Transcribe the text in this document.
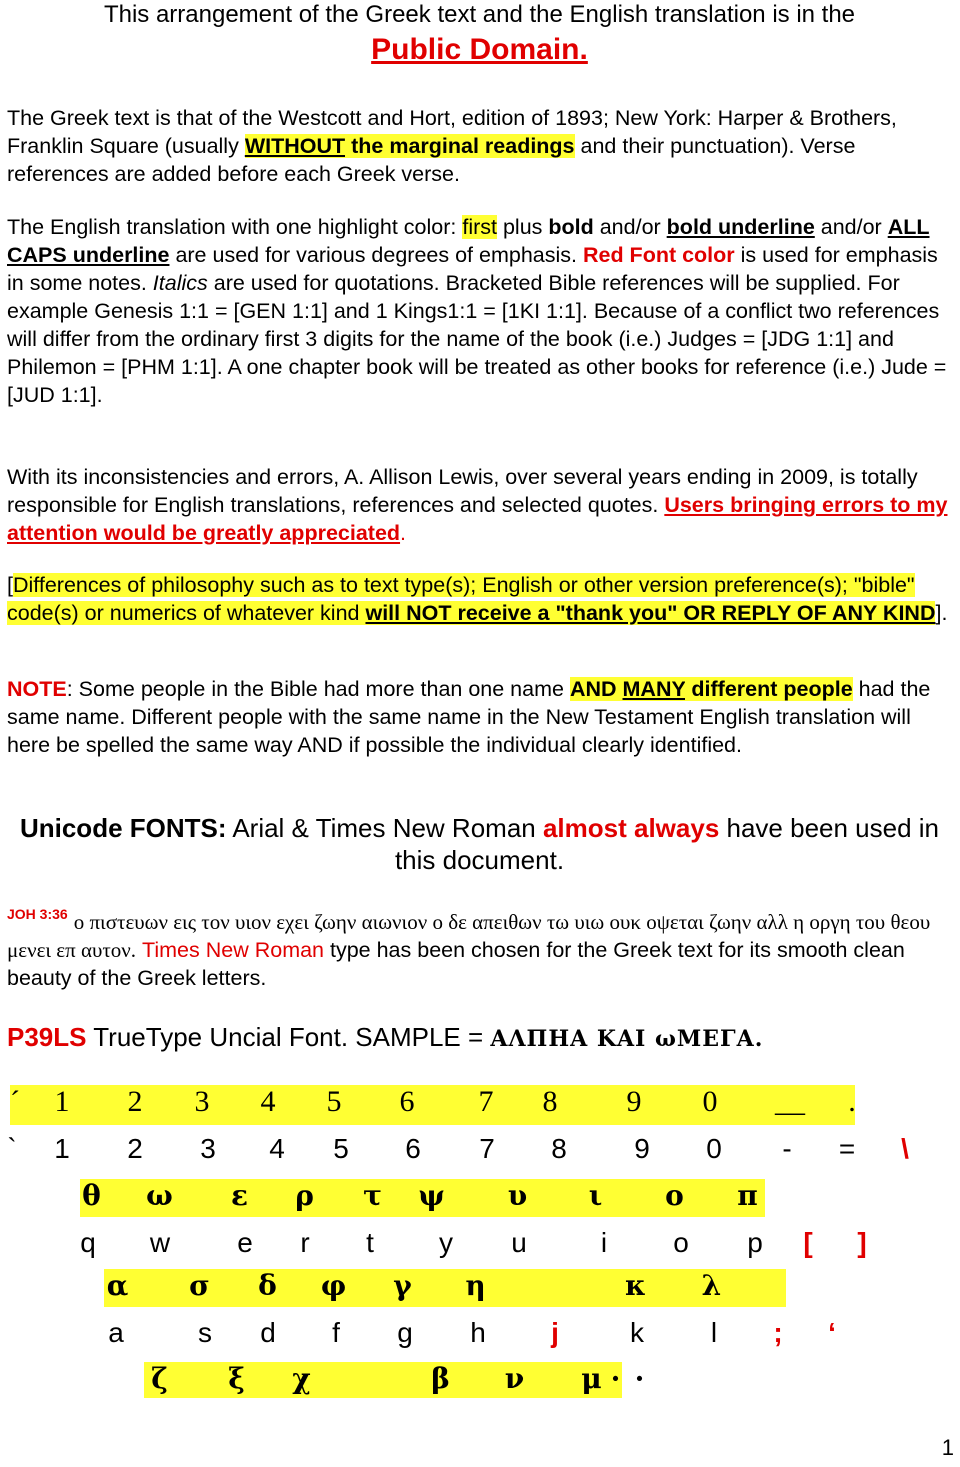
This arrangement of the Greek text and the English translation is in the
Public Domain.
The Greek text is that of the Westcott and Hort, edition of 1893; New York: Harper & Brothers, Franklin Square (usually WITHOUT the marginal readings and their punctuation). Verse references are added before each Greek verse.
The English translation with one highlight color: first plus bold and/or bold underline and/or ALL CAPS underline are used for various degrees of emphasis. Red Font color is used for emphasis in some notes. Italics are used for quotations. Bracketed Bible references will be supplied. For example Genesis 1:1 = [GEN 1:1] and 1 Kings1:1 = [1KI 1:1]. Because of a conflict two references will differ from the ordinary first 3 digits for the name of the book (i.e.) Judges = [JDG 1:1] and Philemon = [PHM 1:1]. A one chapter book will be treated as other books for reference (i.e.) Jude = [JUD 1:1].
With its inconsistencies and errors, A. Allison Lewis, over several years ending in 2009, is totally responsible for English translations, references and selected quotes. Users bringing errors to my attention would be greatly appreciated.
[Differences of philosophy such as to text type(s); English or other version preference(s); "bible" code(s) or numerics of whatever kind will NOT receive a "thank you" OR REPLY OF ANY KIND].
NOTE: Some people in the Bible had more than one name AND MANY different people had the same name. Different people with the same name in the New Testament English translation will here be spelled the same way AND if possible the individual clearly identified.
Unicode FONTS: Arial & Times New Roman almost always have been used in this document.
$^{JOH 3:36}$ ο πιστευων εις τον υιον εχει ζωην αιωνιον ο δε απειθων τω υιω ουκ οψεται ζωην αλλ η οργη του θεου μενει επ αυτον. Times New Roman type has been chosen for the Greek text for its smooth clean beauty of the Greek letters.
P39LS TrueType Uncial Font. SAMPLE = ΑΛΠΗΑ ΚΑΙ ωΜΕΓΑ.
´	1	2	3	4	5	6	7	8	9	0	__	.
`	1	2	3	4	5	6	7	8	9	0	-	=	\
θ	ω	ε	ρ	τ	ψ	υ	ι	ο	π
q	w	e	r	t	y	u	i	o	p	[	]
α	σ	δ	φ	γ	η	κ	λ
a	s	d	f	g	h	j	k	l	;	‘
ζ	ξ	χ	β	ν	μ · ·
1
